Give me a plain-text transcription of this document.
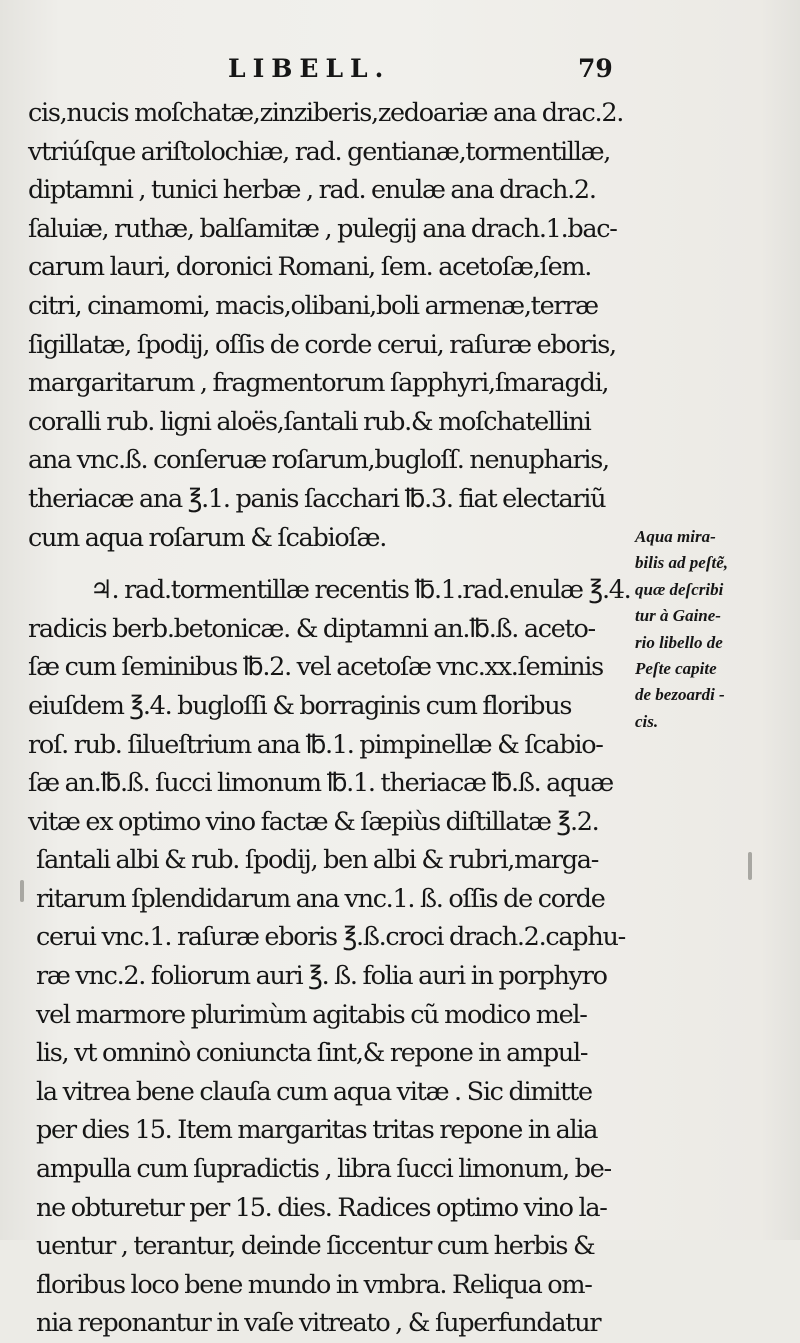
LIBELL.	79
cis,nucis moſchatæ,zinziberis,zedoariæ ana drac.2.
vtriúſque ariſtolochiæ, rad. gentianæ,tormentillæ,
diptamni , tunici herbæ , rad. enulæ ana drach.2.
ſaluiæ, ruthæ, balſamitæ , pulegij ana drach.1.bac-
carum lauri, doronici Romani, ſem. acetoſæ,ſem.
citri, cinamomi, macis,olibani,boli armenæ,terræ
ſigillatæ, ſpodij, oſſis de corde cerui, raſuræ eboris,
margaritarum , fragmentorum ſapphyri,ſmaragdi,
coralli rub. ligni aloës,ſantali rub.& moſchatellini
ana vnc.ß. conſeruæ roſarum,bugloſſ. nenupharis,
theriacæ ana ℥.1. panis ſacchari ℔.3. fiat electariũ
cum aqua roſarum & ſcabioſæ.
♃. rad.tormentillæ recentis ℔.1.rad.enulæ ℥.4.
radicis berb.betonicæ. & diptamni an.℔.ß. aceto-
ſæ cum ſeminibus ℔.2. vel acetoſæ vnc.xx.ſeminis
eiuſdem ℥.4. bugloſſi & borraginis cum floribus
roſ. rub. ſilueſtrium ana ℔.1. pimpinellæ & ſcabio-
ſæ an.℔.ß. ſucci limonum ℔.1. theriacæ ℔.ß. aquæ
vitæ ex optimo vino factæ & ſæpiùs diſtillatæ ℥.2.
ſantali albi & rub. ſpodij, ben albi & rubri,marga-
ritarum ſplendidarum ana vnc.1. ß. oſſis de corde
cerui vnc.1. raſuræ eboris ℥.ß.croci drach.2.caphu-
ræ vnc.2. foliorum auri ℥. ß. folia auri in porphyro
vel marmore plurimùm agitabis cũ modico mel-
lis, vt omninò coniuncta ſint,& repone in ampul-
la vitrea bene clauſa cum aqua vitæ . Sic dimitte
per dies 15. Item margaritas tritas repone in alia
ampulla cum ſupradictis , libra ſucci limonum, be-
ne obturetur per 15. dies. Radices optimo vino la-
uentur , terantur, deinde ſiccentur cum herbis &
floribus loco bene mundo in vmbra. Reliqua om-
nia reponantur in vaſe vitreato , & ſuperfundatur
Aqua mira-
bilis ad peſtẽ,
quæ deſcribi
tur à Gaine-
rio libello de
Peſte capite
de bezoardi -
cis.
